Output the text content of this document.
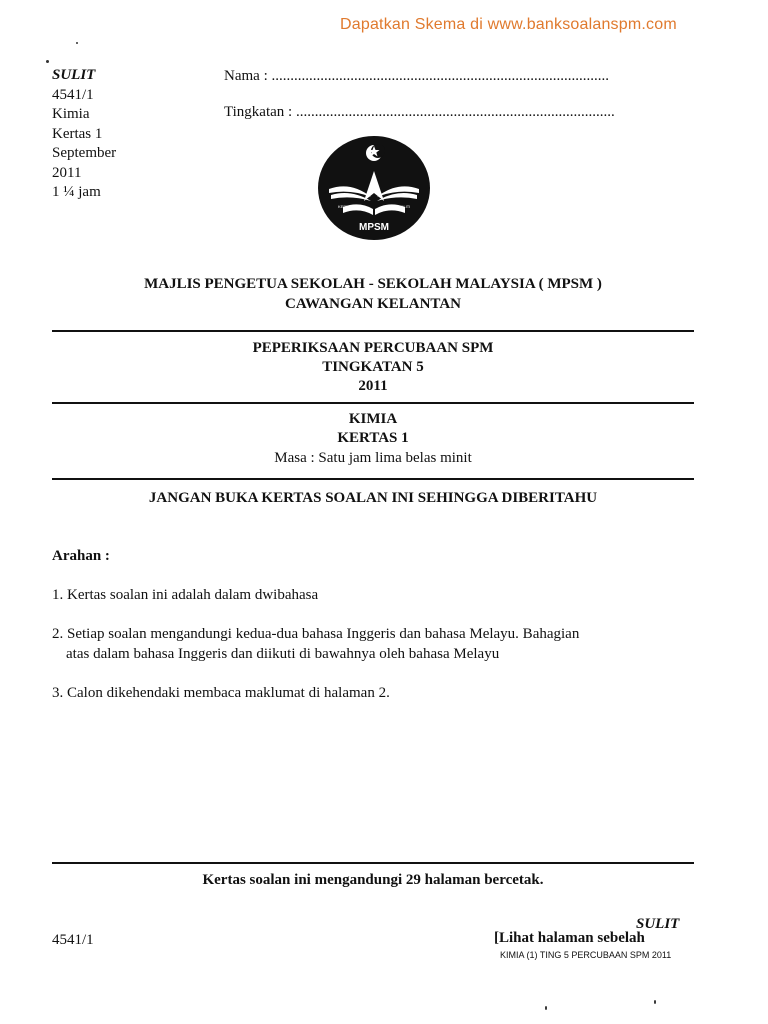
Dapatkan Skema di www.banksoalanspm.com
SULIT
4541/1
Kimia
Kertas 1
September
2011
1 ¼ jam
Nama : ..........................................................................................
Tingkatan : .....................................................................................
KEPIMPINAN	BERKUALITI
MPSM
MAJLIS PENGETUA SEKOLAH - SEKOLAH MALAYSIA ( MPSM )
CAWANGAN KELANTAN
PEPERIKSAAN PERCUBAAN SPM
TINGKATAN 5
2011
KIMIA
KERTAS 1
Masa : Satu jam lima belas minit
JANGAN BUKA KERTAS SOALAN INI SEHINGGA DIBERITAHU
Arahan :
1. Kertas soalan ini adalah dalam dwibahasa
2. Setiap soalan mengandungi kedua-dua bahasa Inggeris dan bahasa Melayu. Bahagian
atas dalam bahasa Inggeris dan diikuti di bawahnya oleh bahasa Melayu
3. Calon dikehendaki membaca maklumat di halaman 2.
Kertas soalan ini mengandungi 29 halaman bercetak.
SULIT
4541/1	[Lihat halaman sebelah
KIMIA (1) TING 5 PERCUBAAN SPM 2011
